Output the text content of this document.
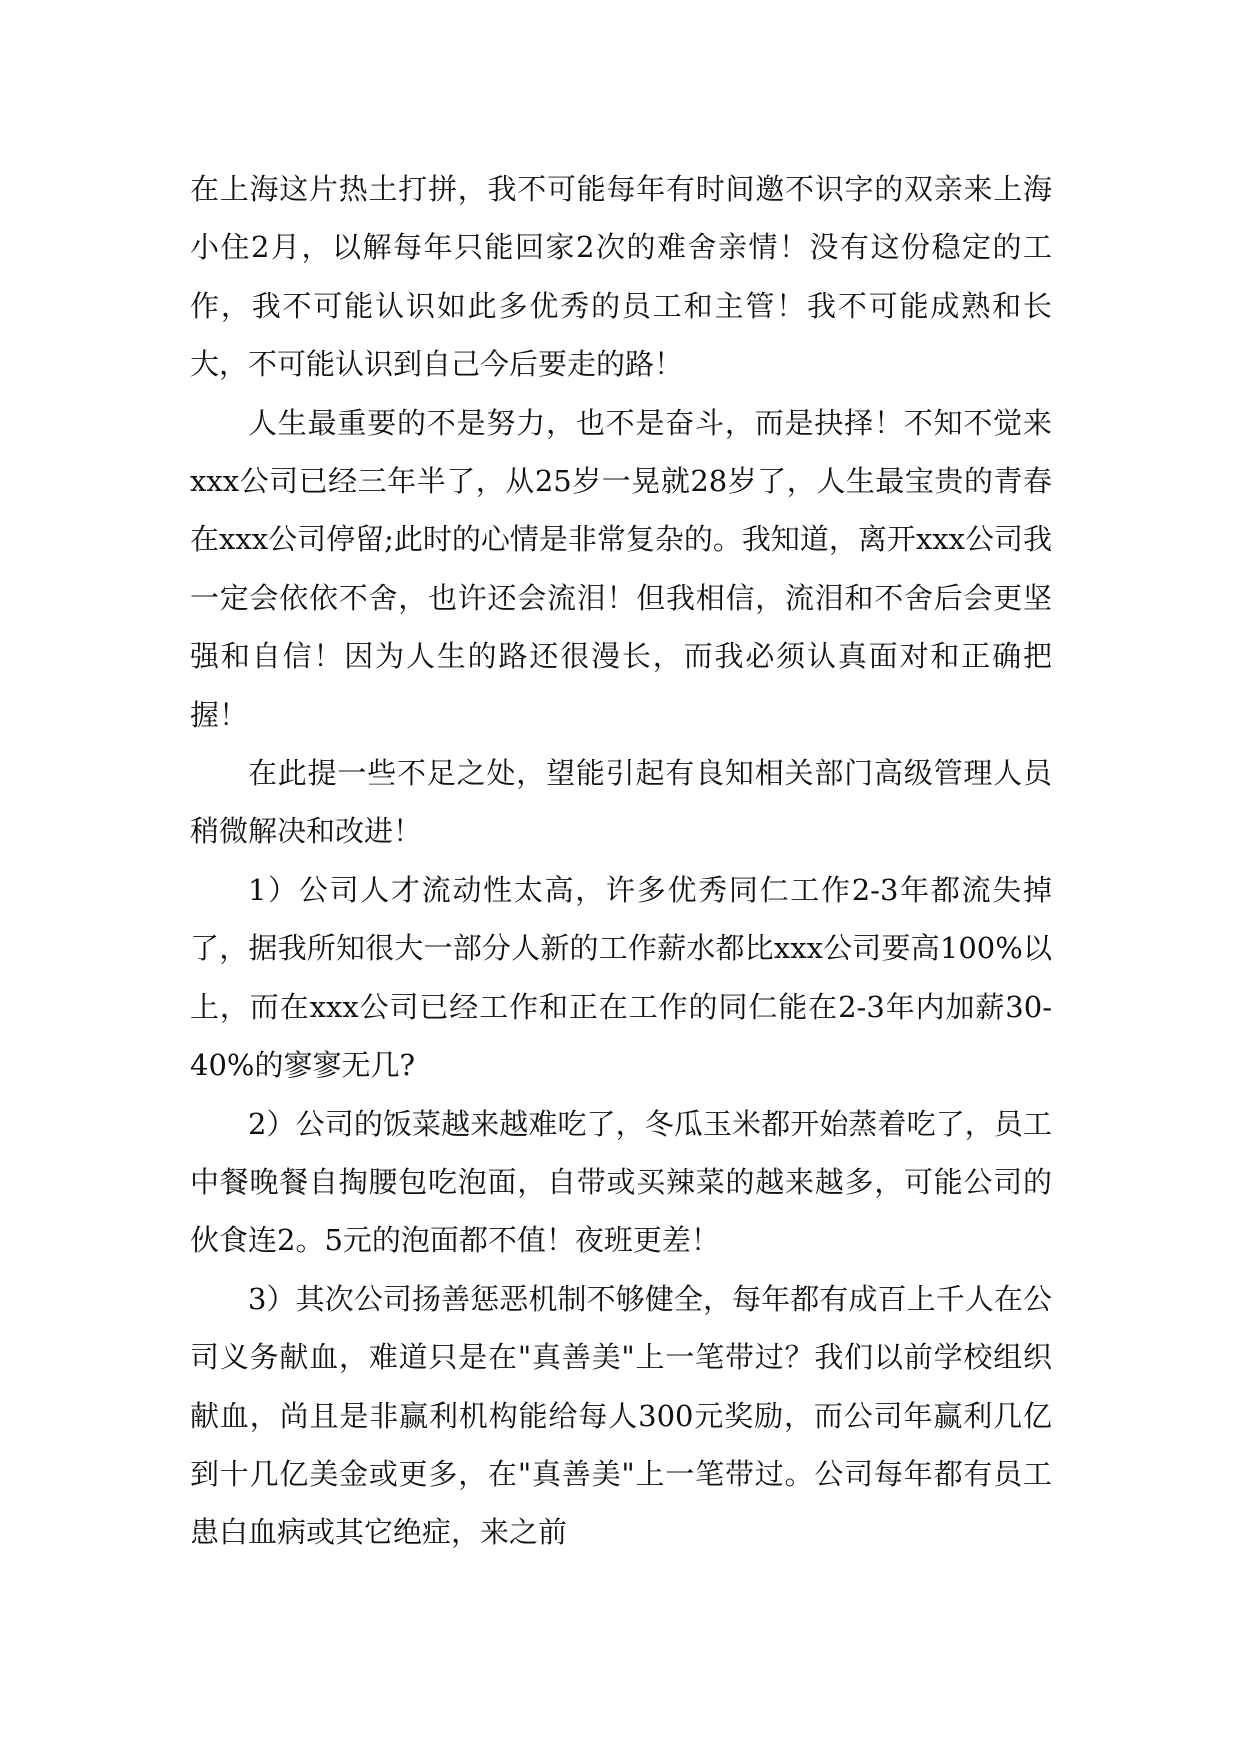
在上海这片热土打拼，我不可能每年有时间邀不识字的双亲来上海小住2月，以解每年只能回家2次的难舍亲情！没有这份稳定的工作，我不可能认识如此多优秀的员工和主管！我不可能成熟和长大，不可能认识到自己今后要走的路！

人生最重要的不是努力，也不是奋斗，而是抉择！不知不觉来xxx公司已经三年半了，从25岁一晃就28岁了，人生最宝贵的青春在xxx公司停留;此时的心情是非常复杂的。我知道，离开xxx公司我一定会依依不舍，也许还会流泪！但我相信，流泪和不舍后会更坚强和自信！因为人生的路还很漫长，而我必须认真面对和正确把握！

在此提一些不足之处，望能引起有良知相关部门高级管理人员稍微解决和改进！

1）公司人才流动性太高，许多优秀同仁工作2-3年都流失掉了，据我所知很大一部分人新的工作薪水都比xxx公司要高100%以上，而在xxx公司已经工作和正在工作的同仁能在2-3年内加薪30-40%的寥寥无几?

2）公司的饭菜越来越难吃了，冬瓜玉米都开始蒸着吃了，员工中餐晚餐自掏腰包吃泡面，自带或买辣菜的越来越多，可能公司的伙食连2。5元的泡面都不值！夜班更差！

3）其次公司扬善惩恶机制不够健全，每年都有成百上千人在公司义务献血，难道只是在"真善美"上一笔带过？我们以前学校组织献血，尚且是非赢利机构能给每人300元奖励，而公司年赢利几亿到十几亿美金或更多，在"真善美"上一笔带过。公司每年都有员工患白血病或其它绝症，来之前
